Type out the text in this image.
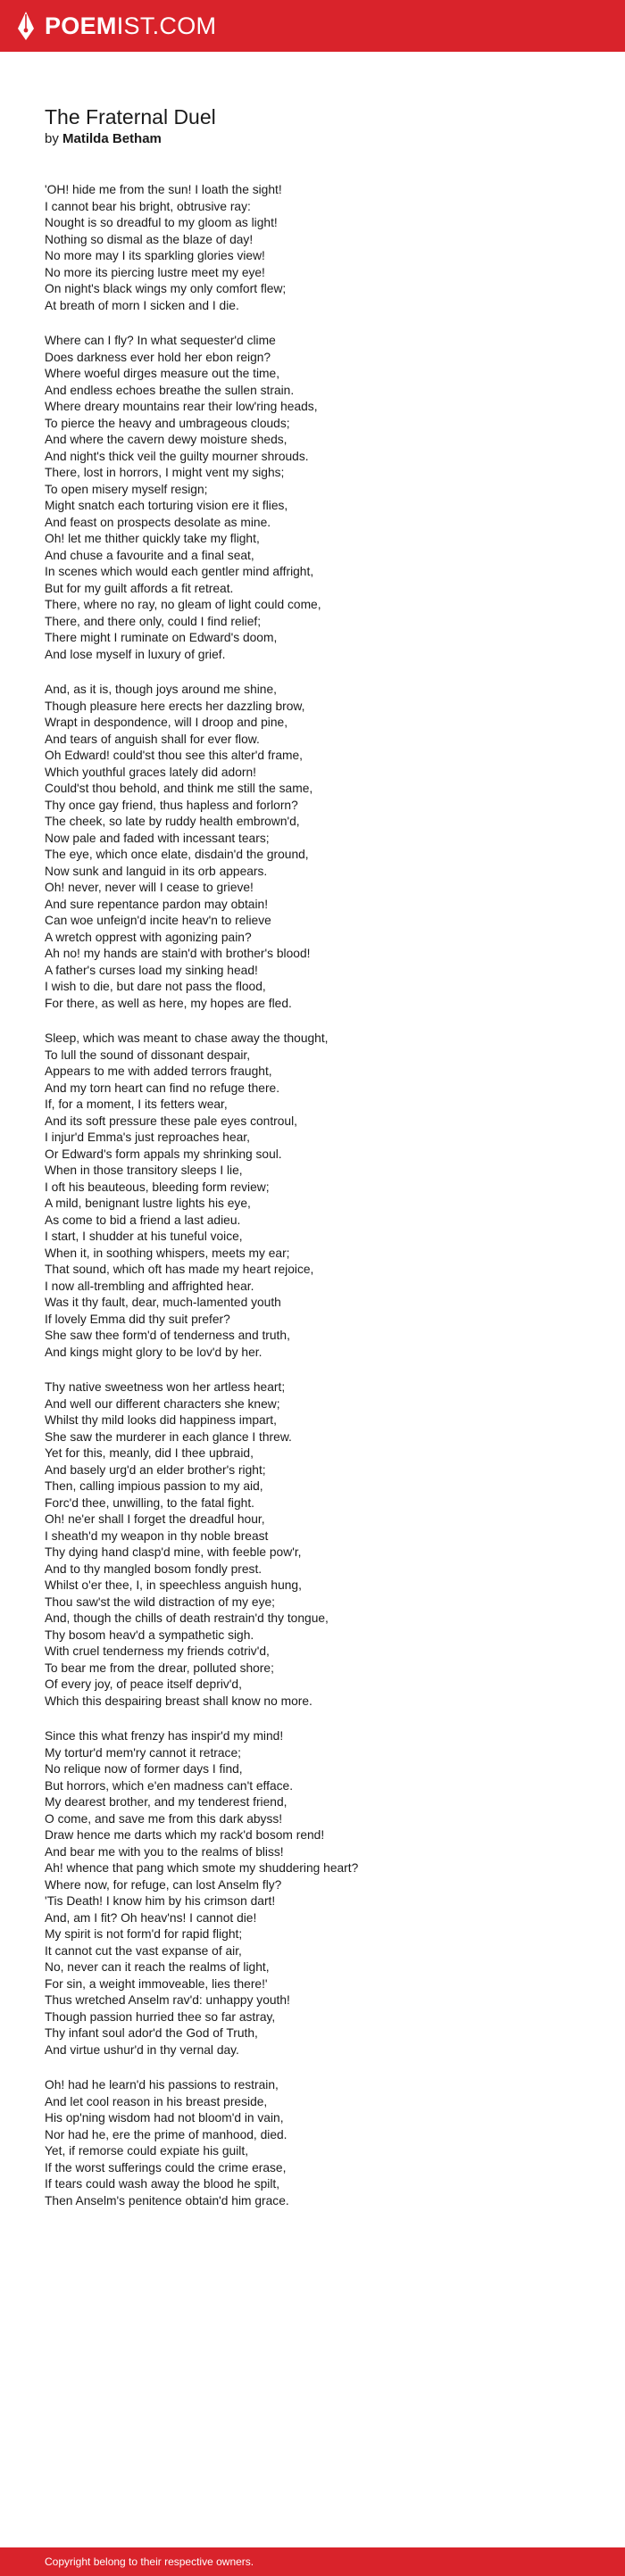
POEMIST.COM
The Fraternal Duel

by Matilda Betham

'OH! hide me from the sun! I loath the sight!
I cannot bear his bright, obtrusive ray:
Nought is so dreadful to my gloom as light!
Nothing so dismal as the blaze of day!
No more may I its sparkling glories view!
No more its piercing lustre meet my eye!
On night's black wings my only comfort flew;
At breath of morn I sicken and I die.

Where can I fly? In what sequester'd clime
Does darkness ever hold her ebon reign?
Where woeful dirges measure out the time,
And endless echoes breathe the sullen strain.
Where dreary mountains rear their low'ring heads,
To pierce the heavy and umbrageous clouds;
And where the cavern dewy moisture sheds,
And night's thick veil the guilty mourner shrouds.
There, lost in horrors, I might vent my sighs;
To open misery myself resign;
Might snatch each torturing vision ere it flies,
And feast on prospects desolate as mine.
Oh! let me thither quickly take my flight,
And chuse a favourite and a final seat,
In scenes which would each gentler mind affright,
But for my guilt affords a fit retreat.
There, where no ray, no gleam of light could come,
There, and there only, could I find relief;
There might I ruminate on Edward's doom,
And lose myself in luxury of grief.

And, as it is, though joys around me shine,
Though pleasure here erects her dazzling brow,
Wrapt in despondence, will I droop and pine,
And tears of anguish shall for ever flow.
Oh Edward! could'st thou see this alter'd frame,
Which youthful graces lately did adorn!
Could'st thou behold, and think me still the same,
Thy once gay friend, thus hapless and forlorn?
The cheek, so late by ruddy health embrown'd,
Now pale and faded with incessant tears;
The eye, which once elate, disdain'd the ground,
Now sunk and languid in its orb appears.
Oh! never, never will I cease to grieve!
And sure repentance pardon may obtain!
Can woe unfeign'd incite heav'n to relieve
A wretch opprest with agonizing pain?
Ah no! my hands are stain'd with brother's blood!
A father's curses load my sinking head!
I wish to die, but dare not pass the flood,
For there, as well as here, my hopes are fled.

Sleep, which was meant to chase away the thought,
To lull the sound of dissonant despair,
Appears to me with added terrors fraught,
And my torn heart can find no refuge there.
If, for a moment, I its fetters wear,
And its soft pressure these pale eyes controul,
I injur'd Emma's just reproaches hear,
Or Edward's form appals my shrinking soul.
When in those transitory sleeps I lie,
I oft his beauteous, bleeding form review;
A mild, benignant lustre lights his eye,
As come to bid a friend a last adieu.
I start, I shudder at his tuneful voice,
When it, in soothing whispers, meets my ear;
That sound, which oft has made my heart rejoice,
I now all-trembling and affrighted hear.
Was it thy fault, dear, much-lamented youth
If lovely Emma did thy suit prefer?
She saw thee form'd of tenderness and truth,
And kings might glory to be lov'd by her.

Thy native sweetness won her artless heart;
And well our different characters she knew;
Whilst thy mild looks did happiness impart,
She saw the murderer in each glance I threw.
Yet for this, meanly, did I thee upbraid,
And basely urg'd an elder brother's right;
Then, calling impious passion to my aid,
Forc'd thee, unwilling, to the fatal fight.
Oh! ne'er shall I forget the dreadful hour,
I sheath'd my weapon in thy noble breast
Thy dying hand clasp'd mine, with feeble pow'r,
And to thy mangled bosom fondly prest.
Whilst o'er thee, I, in speechless anguish hung,
Thou saw'st the wild distraction of my eye;
And, though the chills of death restrain'd thy tongue,
Thy bosom heav'd a sympathetic sigh.
With cruel tenderness my friends cotriv'd,
To bear me from the drear, polluted shore;
Of every joy, of peace itself depriv'd,
Which this despairing breast shall know no more.

Since this what frenzy has inspir'd my mind!
My tortur'd mem'ry cannot it retrace;
No relique now of former days I find,
But horrors, which e'en madness can't efface.
My dearest brother, and my tenderest friend,
O come, and save me from this dark abyss!
Draw hence me darts which my rack'd bosom rend!
And bear me with you to the realms of bliss!
Ah! whence that pang which smote my shuddering heart?
Where now, for refuge, can lost Anselm fly?
'Tis Death! I know him by his crimson dart!
And, am I fit? Oh heav'ns! I cannot die!
My spirit is not form'd for rapid flight;
It cannot cut the vast expanse of air,
No, never can it reach the realms of light,
For sin, a weight immoveable, lies there!'
Thus wretched Anselm rav'd: unhappy youth!
Though passion hurried thee so far astray,
Thy infant soul ador'd the God of Truth,
And virtue ushur'd in thy vernal day.

Oh! had he learn'd his passions to restrain,
And let cool reason in his breast preside,
His op'ning wisdom had not bloom'd in vain,
Nor had he, ere the prime of manhood, died.
Yet, if remorse could expiate his guilt,
If the worst sufferings could the crime erase,
If tears could wash away the blood he spilt,
Then Anselm's penitence obtain'd him grace.

Copyright belong to their respective owners.
